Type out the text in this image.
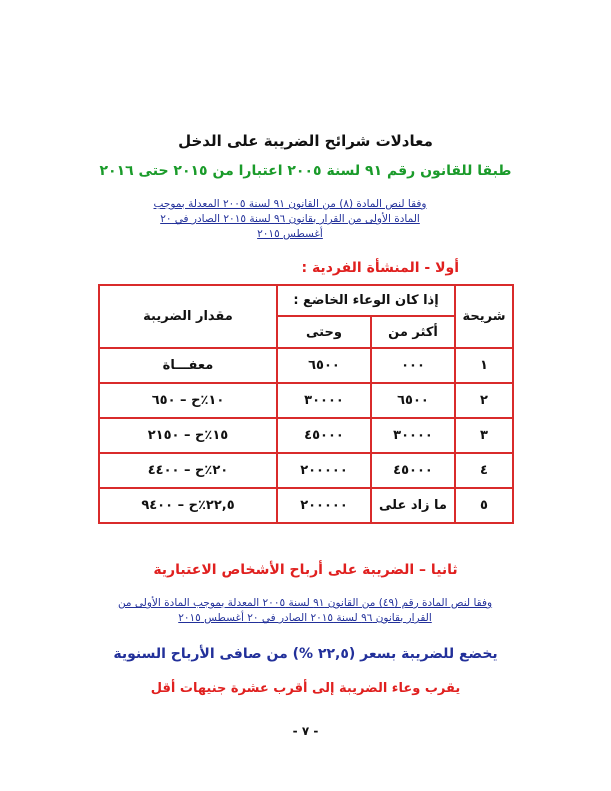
معادلات شرائح الضريبة على الدخل
طبقا للقانون رقم ٩١ لسنة ٢٠٠٥ اعتبارا من ٢٠١٥ حتى ٢٠١٦
وفقا لنص المادة (٨) من القانون ٩١ لسنة ٢٠٠٥ المعدلة بموجب المادة الأولى من القرار بقانون ٩٦ لسنة ٢٠١٥ الصادر في ٢٠ أغسطس ٢٠١٥
أولا - المنشأة الفردية :
شريحة	إذا كان الوعاء الخاضع :		مقدار الضريبة
	أكثر من	وحتى	
١	٠٠٠	٦٥٠٠	معفـــاة
٢	٦٥٠٠	٣٠٠٠٠	١٠٪ح – ٦٥٠
٣	٣٠٠٠٠	٤٥٠٠٠	١٥٪ح – ٢١٥٠
٤	٤٥٠٠٠	٢٠٠٠٠٠	٢٠٪ح – ٤٤٠٠
٥	ما زاد على	٢٠٠٠٠٠	٢٢,٥٪ح – ٩٤٠٠
ثانيا – الضريبة على أرباح الأشخاص الاعتبارية
وفقا لنص المادة رقم (٤٩) من القانون ٩١ لسنة ٢٠٠٥ المعدلة بموجب المادة الأولى من القرار بقانون ٩٦ لسنة ٢٠١٥ الصادر في ٢٠ أغسطس ٢٠١٥
يخضع للضريبة بسعر (٢٢,٥ %) من صافى الأرباح السنوية
يقرب وعاء الضريبة إلى أقرب عشرة جنيهات أقل
- ٧ -
